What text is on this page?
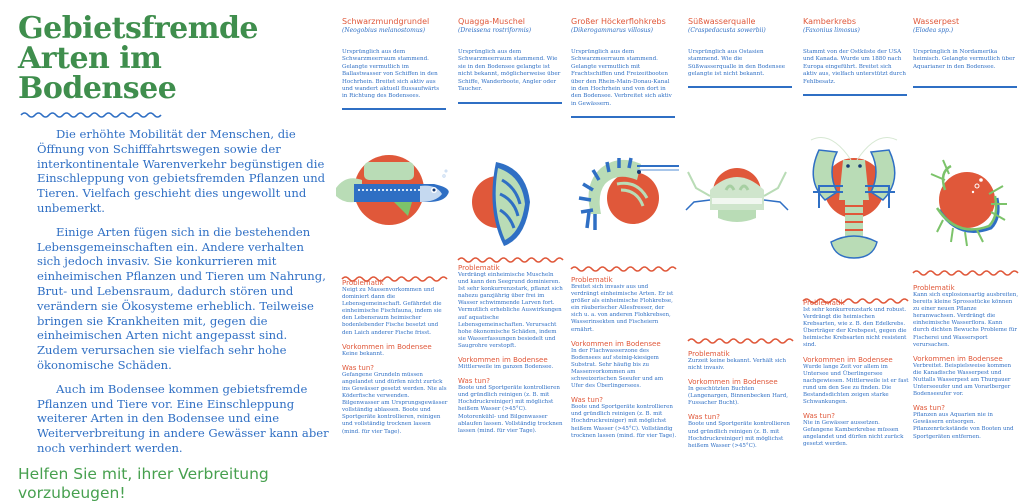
Gebietsfremde
Arten im
Bodensee

Die erhöhte Mobilität der Menschen, die Öffnung von Schifffahrtswegen sowie der interkontinentale Warenverkehr begünstigen die Einschleppung von gebietsfremden Pflanzen und Tieren. Vielfach geschieht dies ungewollt und unbemerkt.

Einige Arten fügen sich in die bestehenden Lebensgemeinschaften ein. Andere verhalten sich jedoch invasiv. Sie konkurrieren mit einheimischen Pflanzen und Tieren um Nahrung, Brut- und Lebensraum, dadurch stören und verändern sie Ökosysteme erheblich. Teilweise bringen sie Krankheiten mit, gegen die einheimischen Arten nicht angepasst sind. Zudem verursachen sie vielfach sehr hohe ökonomische Schäden.

Auch im Bodensee kommen gebietsfremde Pflanzen und Tiere vor. Eine Einschleppung weiterer Arten in den Bodensee und eine Weiterverbreitung in andere Gewässer kann aber noch verhindert werden.

Helfen Sie mit, ihrer Verbreitung vorzubeugen!
Schwarzmundgrundel
(Neogobius melanostomus)
Ursprünglich aus dem Schwarzmeerraum stammend. Gelangte vermutlich im Ballastwasser von Schiffen in den Hochrhein. Breitet sich aktiv aus und wandert aktuell flussaufwärts in Richtung des Bodensees.
Problematik

Neigt zu Massenvorkommen und dominiert dann die Lebensgemeinschaft. Gefährdet die einheimische Fischfauna, indem sie den Lebensraum heimischer bodenlebender Fische besetzt und den Laich anderer Fische frisst.

Vorkommen im Bodensee

Keine bekannt.

Was tun?

Gefangene Grundeln müssen angelandet und dürfen nicht zurück ins Gewässer gesetzt werden. Nie als Köderfische verwenden. Bilgenwasser am Ursprungsgewässer vollständig ablassen. Boote und Sportgeräte kontrollieren, reinigen und vollständig trocknen lassen (mind. für vier Tage).

Quagga-Muschel
(Dreissena rostriformis)
Ursprünglich aus dem Schwarzmeerraum stammend. Wie sie in den Bodensee gelangte ist nicht bekannt, möglicherweise über Schiffe, Wanderboote, Angler oder Taucher.
Problematik

Verdrängt einheimische Muscheln und kann den Seegrund dominieren. Ist sehr konkurrenzstark, pflanzt sich nahezu ganzjährig über frei im Wasser schwimmende Larven fort. Vermutlich erhebliche Auswirkungen auf aquatische Lebensgemeinschaften. Verursacht hohe ökonomische Schäden, indem sie Wasserfassungen besiedelt und Saugrohre verstopft.

Vorkommen im Bodensee

Mittlerweile im ganzen Bodensee.

Was tun?

Boote und Sportgeräte kontrollieren und gründlich reinigen (z. B. mit Hochdruckreiniger) mit möglichst heißem Wasser (>45°C). Motorenkühl- und Bilgenwasser ablaufen lassen. Vollständig trocknen lassen (mind. für vier Tage).

Großer Höckerflohkrebs
(Dikerogammarus villosus)
Ursprünglich aus dem Schwarzmeerraum stammend. Gelangte vermutlich mit Frachtschiffen und Freizeitbooten über den Rhein-Main-Donau-Kanal in den Hochrhein und von dort in den Bodensee. Verbreitet sich aktiv in Gewässern.
Problematik

Breitet sich invasiv aus und verdrängt einheimische Arten. Er ist größer als einheimische Flohkrebse, ein räuberischer Allesfresser, der sich u. a. von anderen Flohkrebsen, Wasserinsekten und Fischeiern ernährt.

Vorkommen im Bodensee

In der Flachwasserzone des Bodensees auf steinig-kiesigem Substrat. Sehr häufig bis zu Massenvorkommen am schweizerischen Seeufer und am Ufer des Überlingersees.

Was tun?

Boote und Sportgeräte kontrollieren und gründlich reinigen (z. B. mit Hochdruckreiniger) mit möglichst heißem Wasser (>45°C). Vollständig trocknen lassen (mind. für vier Tage).

Süßwasserqualle
(Craspedacusta sowerbii)
Ursprünglich aus Ostasien stammend. Wie die Süßwasserqualle in den Bodensee gelangte ist nicht bekannt.
Problematik

Zurzeit keine bekannt. Verhält sich nicht invasiv.

Vorkommen im Bodensee

In geschützten Buchten (Langenargen, Binnenbecken Hard, Fussacher Bucht).

Was tun?

Boote und Sportgeräte kontrollieren und gründlich reinigen (z. B. mit Hochdruckreiniger) mit möglichst heißem Wasser (>45°C).

Kamberkrebs
(Faxonius limosus)
Stammt von der Ostküste der USA und Kanada. Wurde um 1880 nach Europa eingeführt. Breitet sich aktiv aus, vielfach unterstützt durch Fehlbesatz.
Problematik

Ist sehr konkurrenzstark und robust. Verdrängt die heimischen Krebsarten, wie z. B. den Edelkrebs. Überträger der Krebspest, gegen die heimische Krebsarten nicht resistent sind.

Vorkommen im Bodensee

Wurde lange Zeit vor allem im Untersee und Überlingersee nachgewiesen. Mittlerweile ist er fast rund um den See zu finden. Die Bestandsdichten zeigen starke Schwankungen.

Was tun?

Nie in Gewässer aussetzen. Gefangene Kamberkrebse müssen angelandet und dürfen nicht zurück gesetzt werden.

Wasserpest
(Elodea spp.)
Ursprünglich in Nordamerika heimisch. Gelangte vermutlich über Aquarianer in den Bodensee.
Problematik

Kann sich explosionsartig ausbreiten, bereits kleine Sprossstücke können zu einer neuen Pflanze heranwachsen. Verdrängt die einheimische Wasserflora. Kann durch dichten Bewuchs Probleme für Fischerei und Wassersport verursachen.

Vorkommen im Bodensee

Verbreitet. Beispielsweise kommen die Kanadische Wasserpest und Nuttalls Wasserpest am Thurgauer Unterseeufer und am Vorarlberger Bodenseeufer vor.

Was tun?

Pflanzen aus Aquarien nie in Gewässern entsorgen. Pflanzenrückstände von Booten und Sportgeräten entfernen.
